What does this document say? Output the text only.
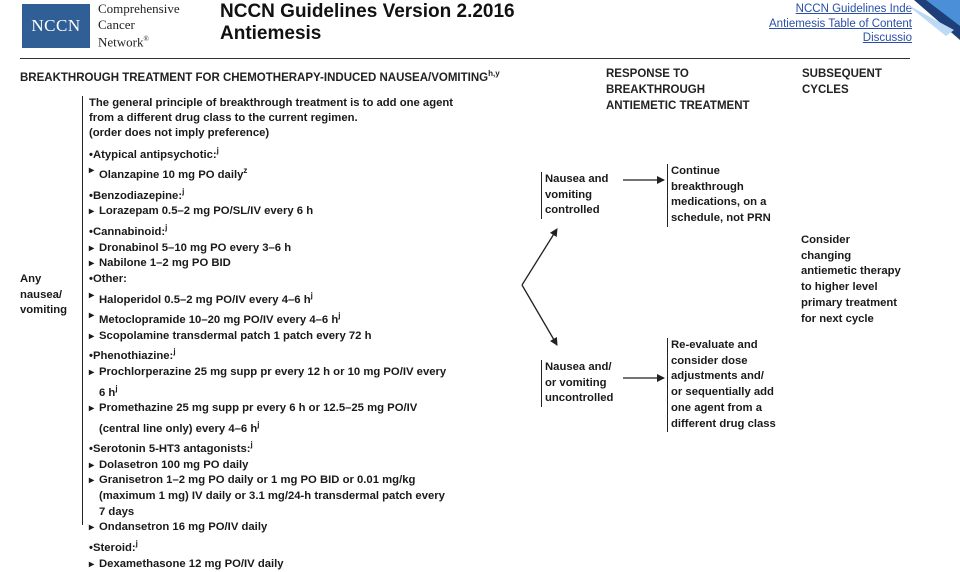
NCCN
Comprehensive
Cancer
Network®
NCCN Guidelines Version 2.2016
Antiemesis
NCCN Guidelines Inde
Antiemesis Table of Content
Discussio
BREAKTHROUGH TREATMENT FOR CHEMOTHERAPY-INDUCED NAUSEA/VOMITING$^{h,y}$	RESPONSE TO
BREAKTHROUGH
ANTIEMETIC TREATMENT
SUBSEQUENT
CYCLES
Any
nausea/
vomiting
The general principle of breakthrough treatment is to add one agent
from a different drug class to the current regimen.
(order does not imply preference)
• Atypical antipsychotic:$^j$
▸ Olanzapine 10 mg PO daily$^z$
• Benzodiazepine:$^j$
▸ Lorazepam 0.5–2 mg PO/SL/IV every 6 h
• Cannabinoid:$^j$
▸ Dronabinol 5–10 mg PO every 3–6 h
▸ Nabilone 1–2 mg PO BID
• Other:
▸ Haloperidol 0.5–2 mg PO/IV every 4–6 $h^j$
▸ Metoclopramide 10–20 mg PO/IV every 4–6 $h^j$
▸ Scopolamine transdermal patch 1 patch every 72 h
• Phenothiazine:$^j$
▸ Prochlorperazine 25 mg supp pr every 12 h or 10 mg PO/IV every
6 $h^j$
▸ Promethazine 25 mg supp pr every 6 h or 12.5–25 mg PO/IV
(central line only) every 4–6 $h^j$
• Serotonin 5-HT3 antagonists:$^j$
▸ Dolasetron 100 mg PO daily
▸ Granisetron 1–2 mg PO daily or 1 mg PO BID or 0.01 mg/kg
(maximum 1 mg) IV daily or 3.1 mg/24-h transdermal patch every
7 days
▸ Ondansetron 16 mg PO/IV daily
• Steroid:$^j$
▸ Dexamethasone 12 mg PO/IV daily
Nausea and
vomiting
controlled
Nausea and/
or vomiting
uncontrolled
Continue
breakthrough
medications, on a
schedule, not PRN
Re-evaluate and
consider dose
adjustments and/
or sequentially add
one agent from a
different drug class
Consider
changing
antiemetic therapy
to higher level
primary treatment
for next cycle
